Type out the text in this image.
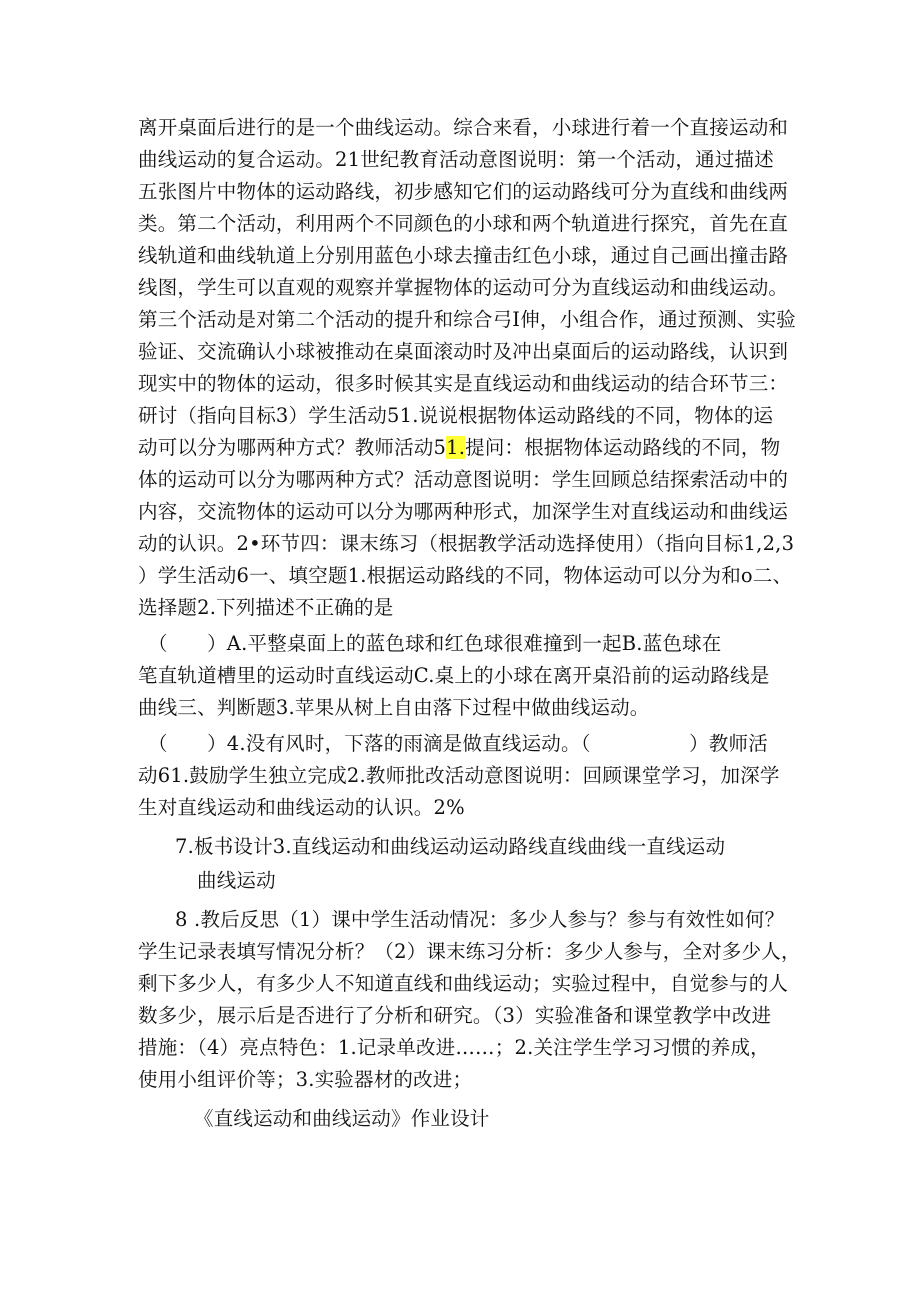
离开桌面后进行的是一个曲线运动。综合来看，小球进行着一个直接运动和
曲线运动的复合运动。21世纪教育活动意图说明：第一个活动，通过描述
五张图片中物体的运动路线，初步感知它们的运动路线可分为直线和曲线两
类。第二个活动，利用两个不同颜色的小球和两个轨道进行探究，首先在直
线轨道和曲线轨道上分别用蓝色小球去撞击红色小球，通过自己画出撞击路
线图，学生可以直观的观察并掌握物体的运动可分为直线运动和曲线运动。
第三个活动是对第二个活动的提升和综合弓I伸，小组合作，通过预测、实验
验证、交流确认小球被推动在桌面滚动时及冲出桌面后的运动路线，认识到
现实中的物体的运动，很多时候其实是直线运动和曲线运动的结合环节三：
研讨（指向目标3）学生活动51.说说根据物体运动路线的不同，物体的运
动可以分为哪两种方式？教师活动51.提问：根据物体运动路线的不同，物
体的运动可以分为哪两种方式？活动意图说明：学生回顾总结探索活动中的
内容，交流物体的运动可以分为哪两种形式，加深学生对直线运动和曲线运
动的认识。2•环节四：课末练习（根据教学活动选择使用）（指向目标1,2,3
）学生活动6一、填空题1.根据运动路线的不同，物体运动可以分为和o二、
选择题2.下列描述不正确的是
（　　）A.平整桌面上的蓝色球和红色球很难撞到一起B.蓝色球在
笔直轨道槽里的运动时直线运动C.桌上的小球在离开桌沿前的运动路线是
曲线三、判断题3.苹果从树上自由落下过程中做曲线运动。
（　　）4.没有风时，下落的雨滴是做直线运动。（　　　　　）教师活
动61.鼓励学生独立完成2.教师批改活动意图说明：回顾课堂学习，加深学
生对直线运动和曲线运动的认识。2%
7.板书设计3.直线运动和曲线运动运动路线直线曲线一直线运动
曲线运动
8 .教后反思（1）课中学生活动情况：多少人参与？参与有效性如何？
学生记录表填写情况分析？（2）课末练习分析：多少人参与，全对多少人，
剩下多少人，有多少人不知道直线和曲线运动；实验过程中，自觉参与的人
数多少，展示后是否进行了分析和研究。（3）实验准备和课堂教学中改进
措施：（4）亮点特色：1.记录单改进……；2.关注学生学习习惯的养成，
使用小组评价等；3.实验器材的改进；
《直线运动和曲线运动》作业设计
